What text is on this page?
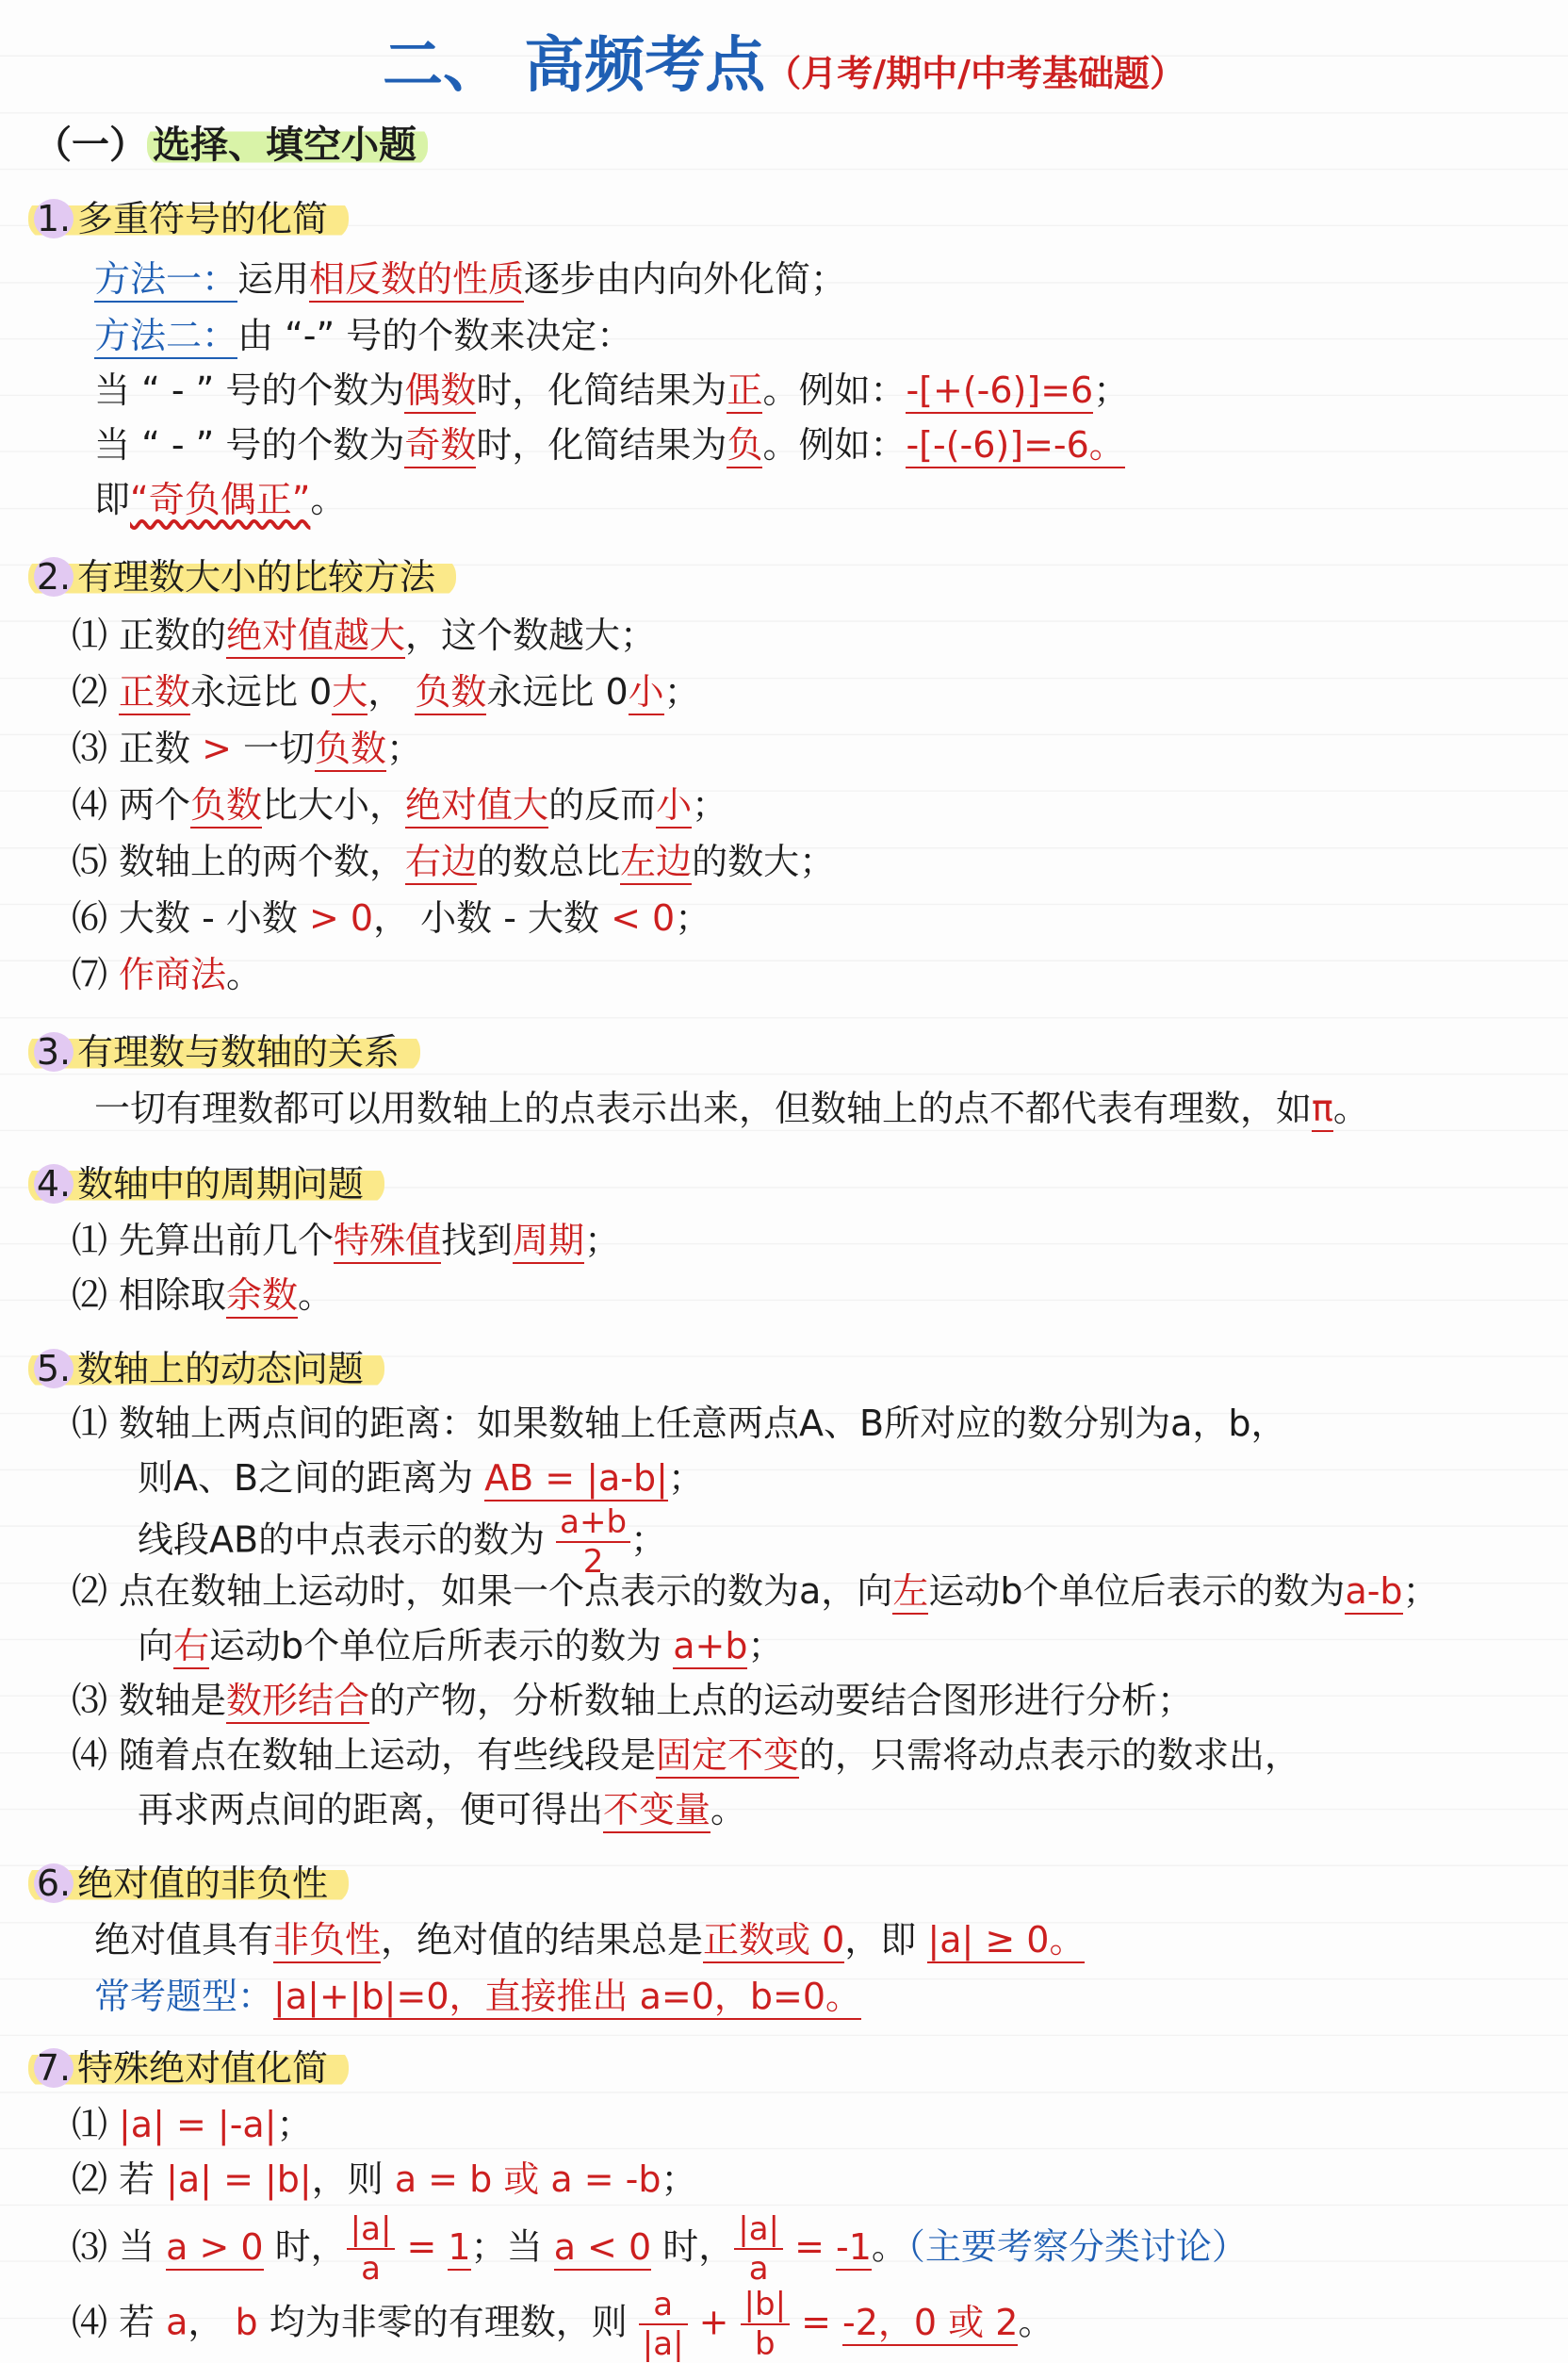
二、 高频考点（月考/期中/中考基础题）
（一） 选择、填空小题
1. 多重符号的化简
方法一：运用相反数的性质逐步由内向外化简；
方法二：由 “-” 号的个数来决定：
当 “ - ” 号的个数为偶数时，化简结果为正。例如：-[+(-6)]=6；
当 “ - ” 号的个数为奇数时，化简结果为负。例如：-[-(-6)]=-6。
即“奇负偶正”。
2. 有理数大小的比较方法
⑴ 正数的绝对值越大，这个数越大；
⑵ 正数永远比 0大， 负数永远比 0小；
⑶ 正数 > 一切负数；
⑷ 两个负数比大小，绝对值大的反而小；
⑸ 数轴上的两个数，右边的数总比左边的数大；
⑹ 大数 - 小数 > 0， 小数 - 大数 < 0；
⑺ 作商法。
3. 有理数与数轴的关系
一切有理数都可以用数轴上的点表示出来，但数轴上的点不都代表有理数，如π。
4. 数轴中的周期问题
⑴ 先算出前几个特殊值找到周期；
⑵ 相除取余数。
5. 数轴上的动态问题
⑴ 数轴上两点间的距离：如果数轴上任意两点A、B所对应的数分别为a，b，
则A、B之间的距离为 AB = |a-b|；
线段AB的中点表示的数为 $\frac{a+b}{2}$ ；
⑵ 点在数轴上运动时，如果一个点表示的数为a，向左运动b个单位后表示的数为a-b；
向右运动b个单位后所表示的数为 a+b；
⑶ 数轴是数形结合的产物，分析数轴上点的运动要结合图形进行分析；
⑷ 随着点在数轴上运动，有些线段是固定不变的，只需将动点表示的数求出，
再求两点间的距离，便可得出不变量。
6. 绝对值的非负性
绝对值具有非负性，绝对值的结果总是正数或 0，即 |a| ≥ 0。
常考题型：|a|+|b|=0，直接推出 a=0，b=0。
7. 特殊绝对值化简
⑴ |a| = |-a|；
⑵ 若 |a| = |b|，则 a = b 或 a = -b；
⑶ 当 a > 0 时， $\frac{|a|}{a} = 1$；当 a < 0 时， $\frac{|a|}{a} = -1$。（主要考察分类讨论）
⑷ 若 a， b 均为非零的有理数，则 $\frac{a}{|a|} + \frac{|b|}{b} = -2$，0 或 2。
